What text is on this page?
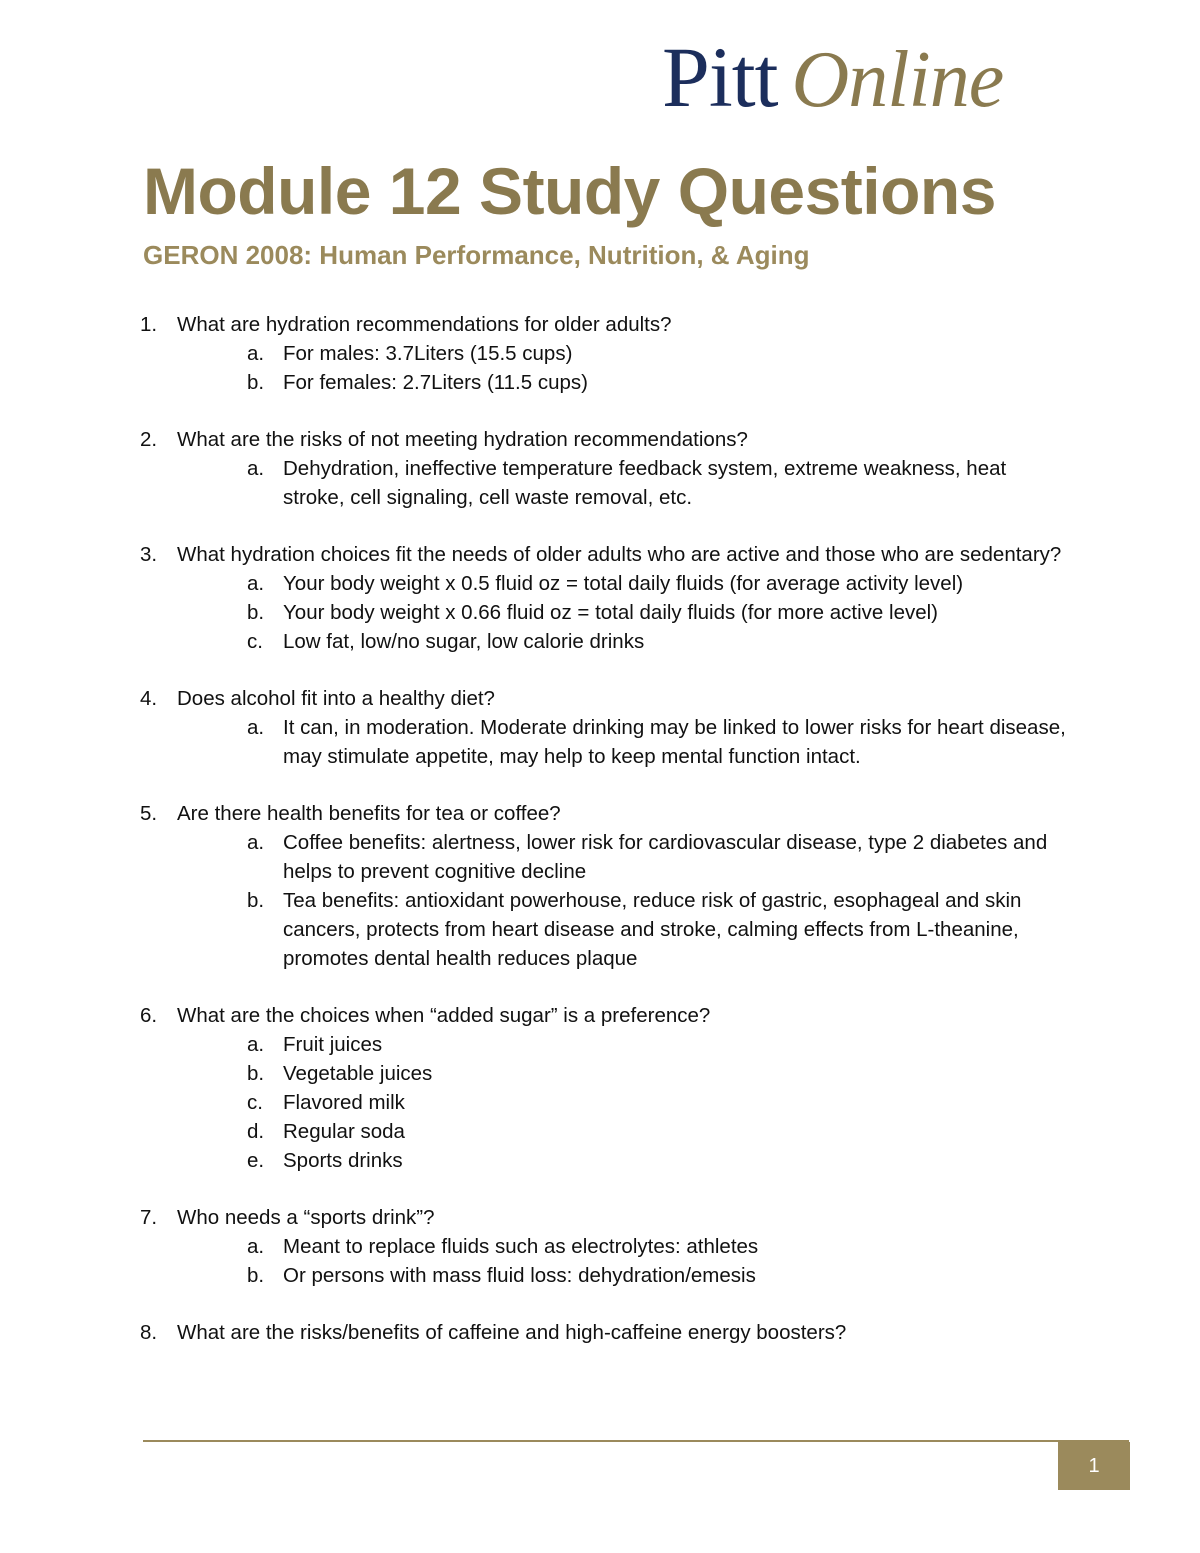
Pitt Online
Module 12 Study Questions
GERON 2008: Human Performance, Nutrition, & Aging
1. What are hydration recommendations for older adults?
a. For males: 3.7Liters (15.5 cups)
b. For females: 2.7Liters (11.5 cups)
2. What are the risks of not meeting hydration recommendations?
a. Dehydration, ineffective temperature feedback system, extreme weakness, heat stroke, cell signaling, cell waste removal, etc.
3. What hydration choices fit the needs of older adults who are active and those who are sedentary?
a. Your body weight x 0.5 fluid oz = total daily fluids (for average activity level)
b. Your body weight x 0.66 fluid oz = total daily fluids (for more active level)
c. Low fat, low/no sugar, low calorie drinks
4. Does alcohol fit into a healthy diet?
a. It can, in moderation. Moderate drinking may be linked to lower risks for heart disease, may stimulate appetite, may help to keep mental function intact.
5. Are there health benefits for tea or coffee?
a. Coffee benefits: alertness, lower risk for cardiovascular disease, type 2 diabetes and helps to prevent cognitive decline
b. Tea benefits: antioxidant powerhouse, reduce risk of gastric, esophageal and skin cancers, protects from heart disease and stroke, calming effects from L-theanine, promotes dental health reduces plaque
6. What are the choices when “added sugar” is a preference?
a. Fruit juices
b. Vegetable juices
c. Flavored milk
d. Regular soda
e. Sports drinks
7. Who needs a “sports drink”?
a. Meant to replace fluids such as electrolytes: athletes
b. Or persons with mass fluid loss: dehydration/emesis
8. What are the risks/benefits of caffeine and high-caffeine energy boosters?
1
